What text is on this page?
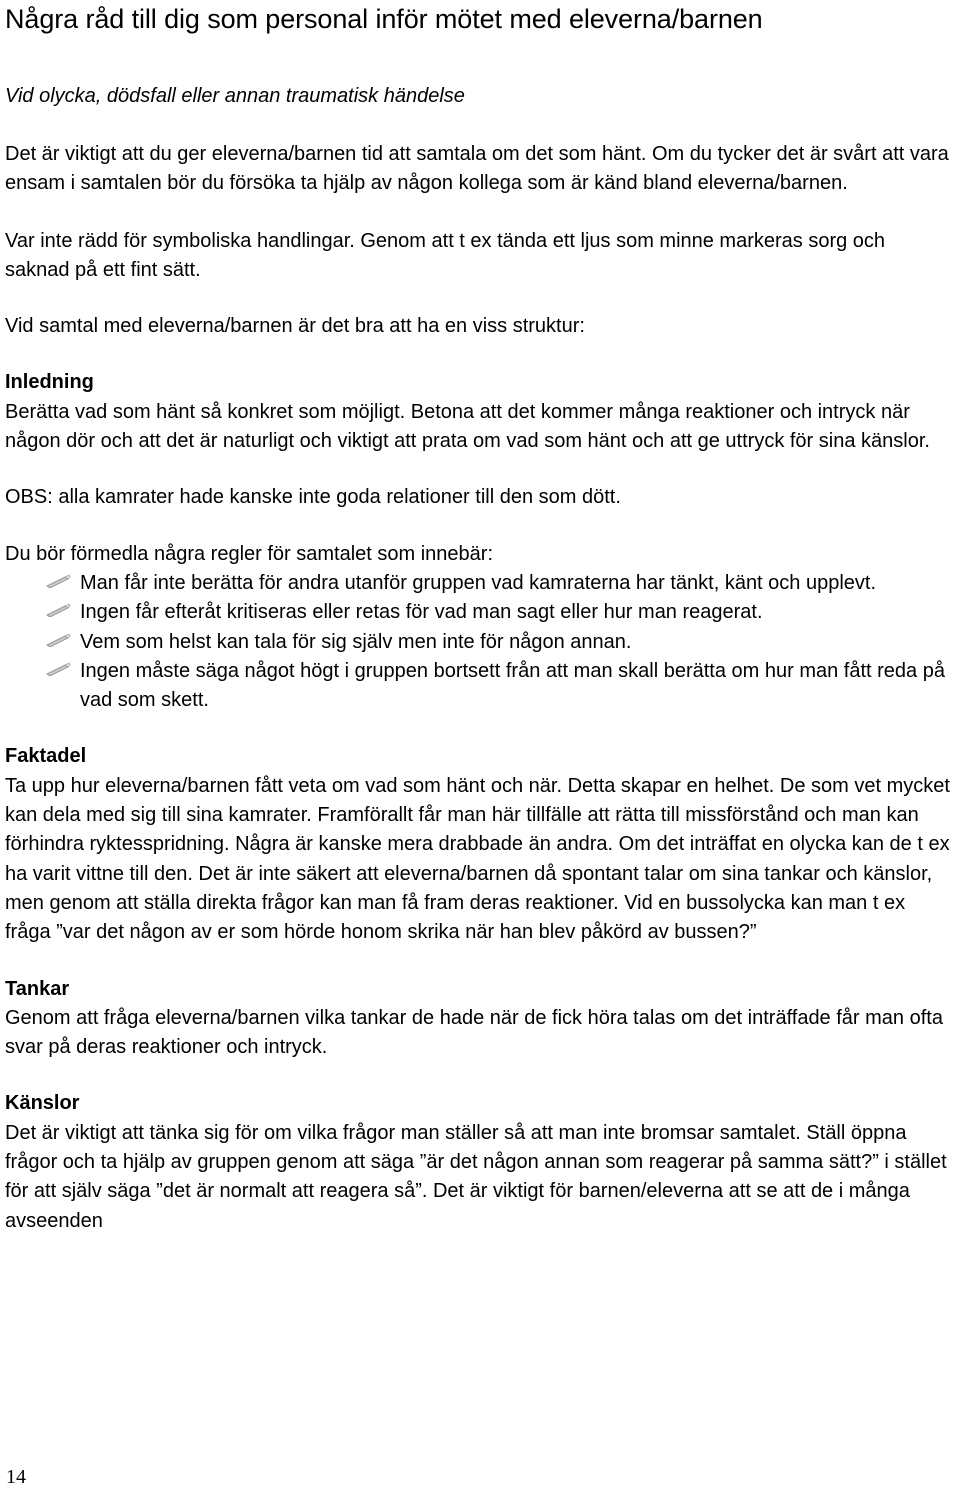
Några råd till dig som personal inför mötet med eleverna/barnen

Vid olycka, dödsfall eller annan traumatisk händelse

Det är viktigt att du ger eleverna/barnen tid att samtala om det som hänt. Om du tycker det är svårt att vara ensam i samtalen bör du försöka ta hjälp av någon kollega som är känd bland eleverna/barnen.

Var inte rädd för symboliska handlingar. Genom att t ex tända ett ljus som minne markeras sorg och saknad på ett fint sätt.

Vid samtal med eleverna/barnen är det bra att ha en viss struktur:

Inledning

Berätta vad som hänt så konkret som möjligt. Betona att det kommer många reaktioner och intryck när någon dör och att det är naturligt och viktigt att prata om vad som hänt och att ge uttryck för sina känslor.

OBS: alla kamrater hade kanske inte goda relationer till den som dött.

Du bör förmedla några regler för samtalet som innebär:

Man får inte berätta för andra utanför gruppen vad kamraterna har tänkt, känt och upplevt.
Ingen får efteråt kritiseras eller retas för vad man sagt eller hur man reagerat.
Vem som helst kan tala för sig själv men inte för någon annan.
Ingen måste säga något högt i gruppen bortsett från att man skall berätta om hur man fått reda på vad som skett.
Faktadel

Ta upp hur eleverna/barnen fått veta om vad som hänt och när. Detta skapar en helhet. De som vet mycket kan dela med sig till sina kamrater. Framförallt får man här tillfälle att rätta till missförstånd och man kan förhindra ryktesspridning. Några är kanske mera drabbade än andra. Om det inträffat en olycka kan de t ex ha varit vittne till den. Det är inte säkert att eleverna/barnen då spontant talar om sina tankar och känslor, men genom att ställa direkta frågor kan man få fram deras reaktioner. Vid en bussolycka kan man t ex fråga ”var det någon av er som hörde honom skrika när han blev påkörd av bussen?”

Tankar

Genom att fråga eleverna/barnen vilka tankar de hade när de fick höra talas om det inträffade får man ofta svar på deras reaktioner och intryck.

Känslor

Det är viktigt att tänka sig för om vilka frågor man ställer så att man inte bromsar samtalet. Ställ öppna frågor och ta hjälp av gruppen genom att säga ”är det någon annan som reagerar på samma sätt?” i stället för att själv säga ”det är normalt att reagera så”. Det är viktigt för barnen/eleverna att se att de i många avseenden

14
